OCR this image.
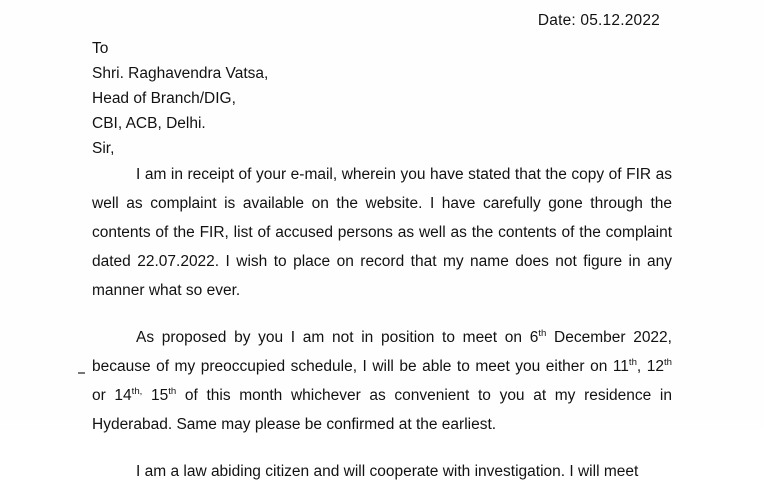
Date: 05.12.2022
To
Shri. Raghavendra Vatsa,
Head of Branch/DIG,
CBI, ACB, Delhi.
Sir,

I am in receipt of your e-mail, wherein you have stated that the copy of FIR as well as complaint is available on the website. I have carefully gone through the contents of the FIR, list of accused persons as well as the contents of the complaint dated 22.07.2022. I wish to place on record that my name does not figure in any manner what so ever.

As proposed by you I am not in position to meet on 6th December 2022, because of my preoccupied schedule, I will be able to meet you either on 11th, 12th or $14^{th,}$ 15th of this month whichever as convenient to you at my residence in Hyderabad. Same may please be confirmed at the earliest.

I am a law abiding citizen and will cooperate with investigation. I will meet
